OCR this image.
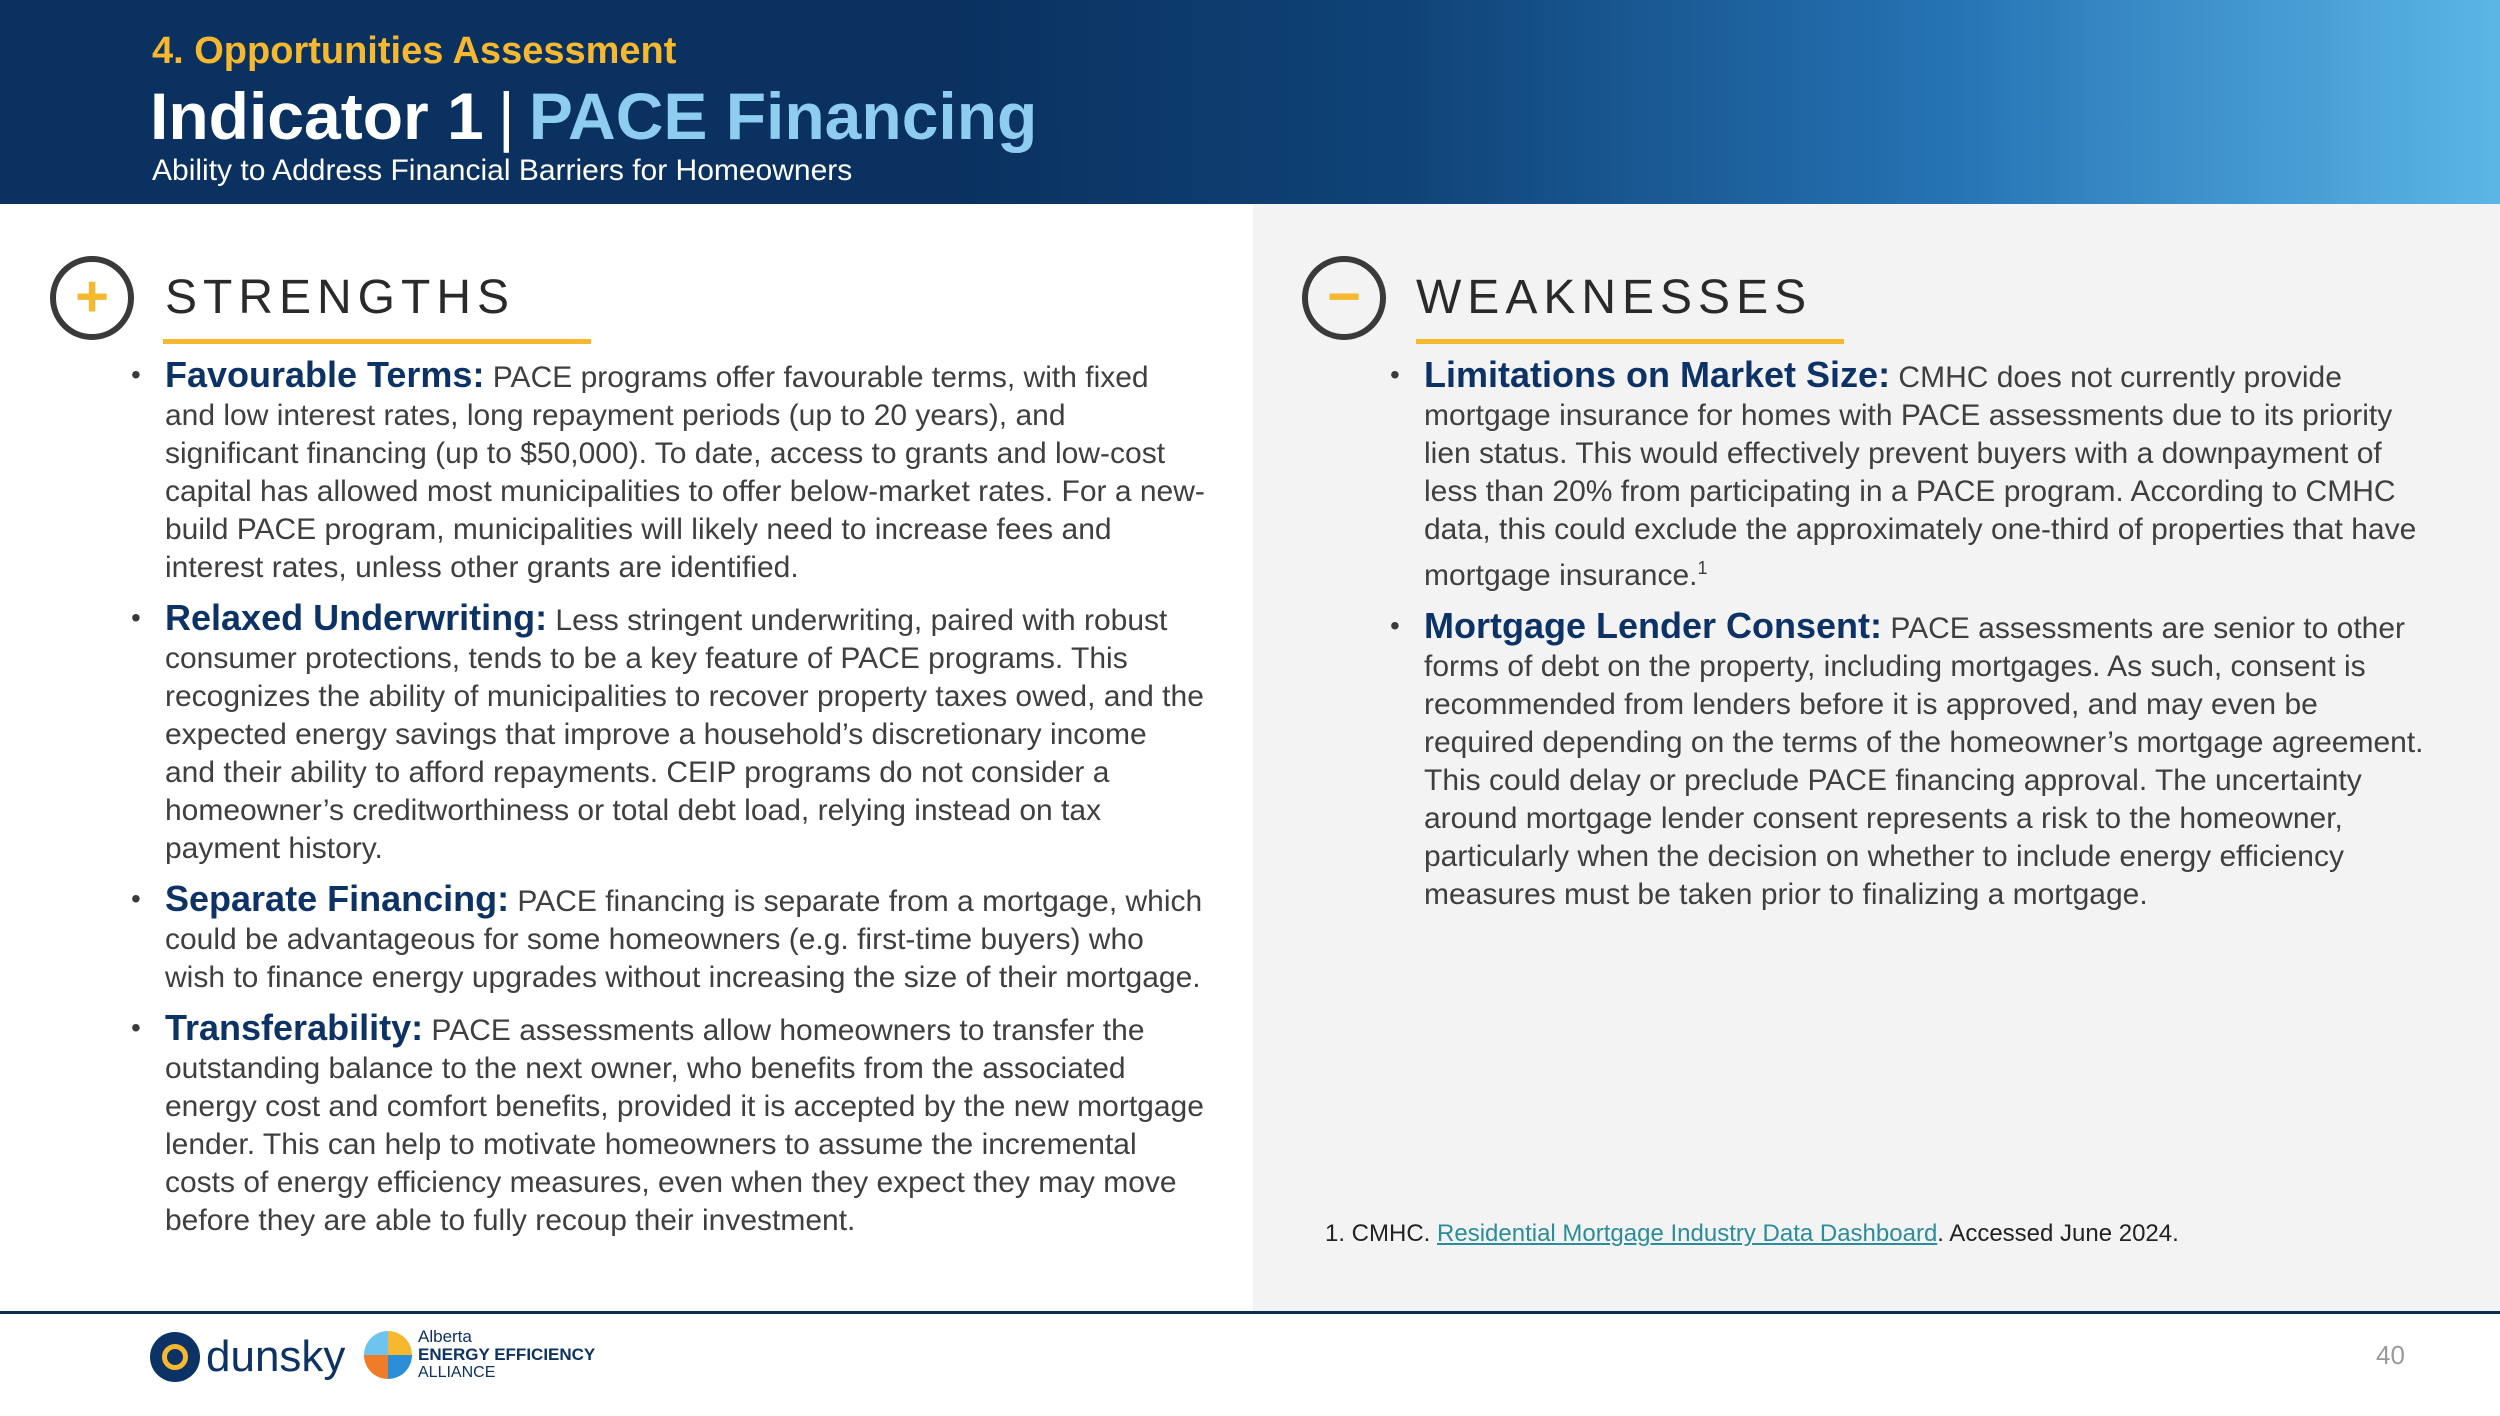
4. Opportunities Assessment
Indicator 1 | PACE Financing
Ability to Address Financial Barriers for Homeowners
+	STRENGTHS
• Favourable Terms: PACE programs offer favourable terms, with fixed and low interest rates, long repayment periods (up to 20 years), and significant financing (up to $50,000). To date, access to grants and low-cost capital has allowed most municipalities to offer below-market rates. For a new-build PACE program, municipalities will likely need to increase fees and interest rates, unless other grants are identified.
• Relaxed Underwriting: Less stringent underwriting, paired with robust consumer protections, tends to be a key feature of PACE programs. This recognizes the ability of municipalities to recover property taxes owed, and the expected energy savings that improve a household’s discretionary income and their ability to afford repayments. CEIP programs do not consider a homeowner’s creditworthiness or total debt load, relying instead on tax payment history.
• Separate Financing: PACE financing is separate from a mortgage, which could be advantageous for some homeowners (e.g. first-time buyers) who wish to finance energy upgrades without increasing the size of their mortgage.
• Transferability: PACE assessments allow homeowners to transfer the outstanding balance to the next owner, who benefits from the associated energy cost and comfort benefits, provided it is accepted by the new mortgage lender. This can help to motivate homeowners to assume the incremental costs of energy efficiency measures, even when they expect they may move before they are able to fully recoup their investment.
−	WEAKNESSES
• Limitations on Market Size: CMHC does not currently provide mortgage insurance for homes with PACE assessments due to its priority lien status. This would effectively prevent buyers with a downpayment of less than 20% from participating in a PACE program. According to CMHC data, this could exclude the approximately one-third of properties that have mortgage insurance.$^1$
• Mortgage Lender Consent: PACE assessments are senior to other forms of debt on the property, including mortgages. As such, consent is recommended from lenders before it is approved, and may even be required depending on the terms of the homeowner’s mortgage agreement. This could delay or preclude PACE financing approval. The uncertainty around mortgage lender consent represents a risk to the homeowner, particularly when the decision on whether to include energy efficiency measures must be taken prior to finalizing a mortgage.
1. CMHC. Residential Mortgage Industry Data Dashboard. Accessed June 2024.
dunsky	Alberta
ENERGY EFFICIENCY
ALLIANCE
40
